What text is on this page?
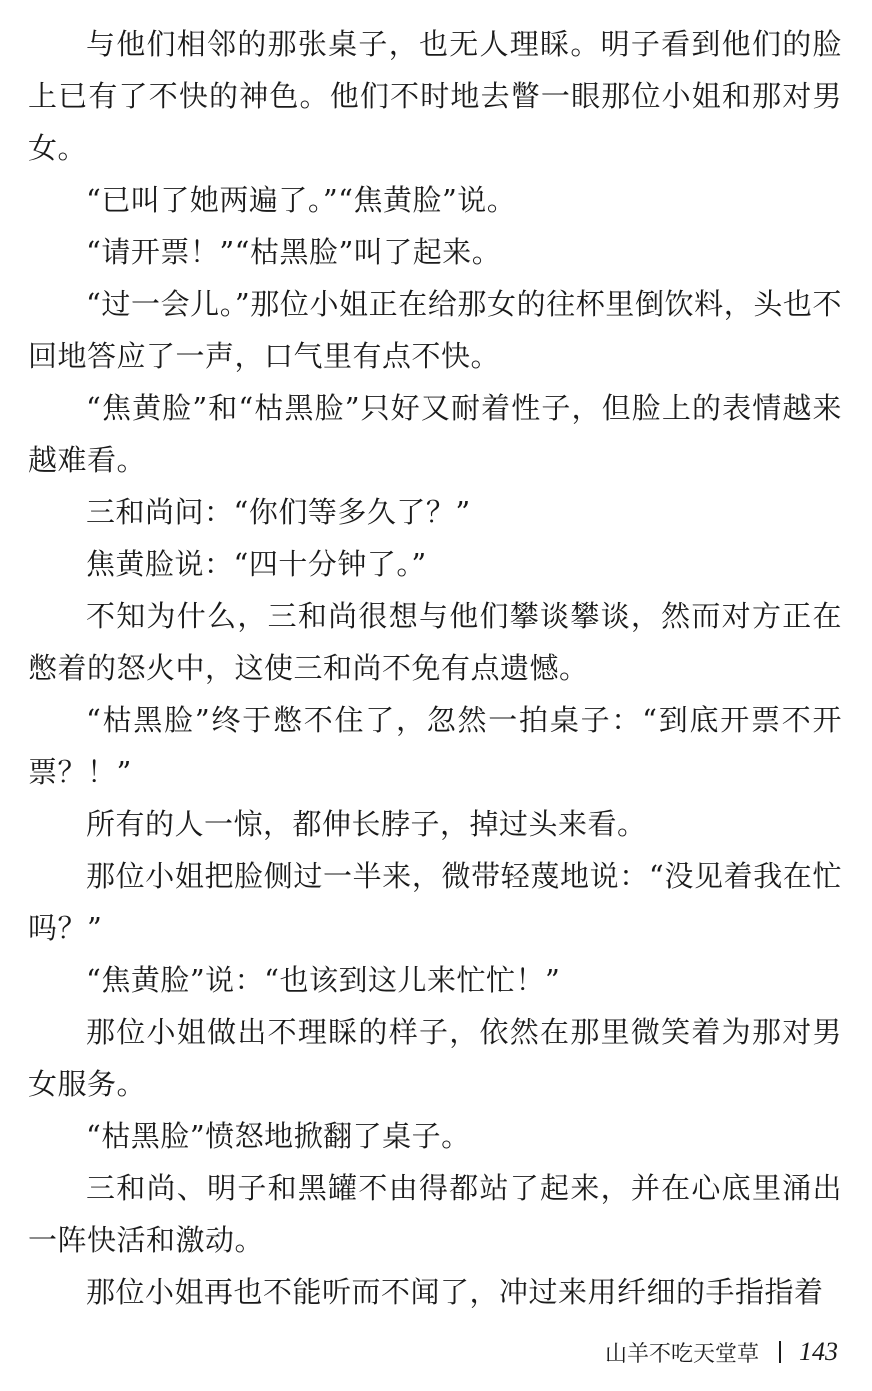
与他们相邻的那张桌子，也无人理睬。明子看到他们的脸上已有了不快的神色。他们不时地去瞥一眼那位小姐和那对男女。

“已叫了她两遍了。”“焦黄脸”说。

“请开票！”“枯黑脸”叫了起来。

“过一会儿。”那位小姐正在给那女的往杯里倒饮料，头也不回地答应了一声，口气里有点不快。

“焦黄脸”和“枯黑脸”只好又耐着性子，但脸上的表情越来越难看。

三和尚问：“你们等多久了？”

焦黄脸说：“四十分钟了。”

不知为什么，三和尚很想与他们攀谈攀谈，然而对方正在憋着的怒火中，这使三和尚不免有点遗憾。

“枯黑脸”终于憋不住了，忽然一拍桌子：“到底开票不开票？！”

所有的人一惊，都伸长脖子，掉过头来看。

那位小姐把脸侧过一半来，微带轻蔑地说：“没见着我在忙吗？”

“焦黄脸”说：“也该到这儿来忙忙！”

那位小姐做出不理睬的样子，依然在那里微笑着为那对男女服务。

“枯黑脸”愤怒地掀翻了桌子。

三和尚、明子和黑罐不由得都站了起来，并在心底里涌出一阵快活和激动。

那位小姐再也不能听而不闻了，冲过来用纤细的手指指着

山羊不吃天堂草 143
